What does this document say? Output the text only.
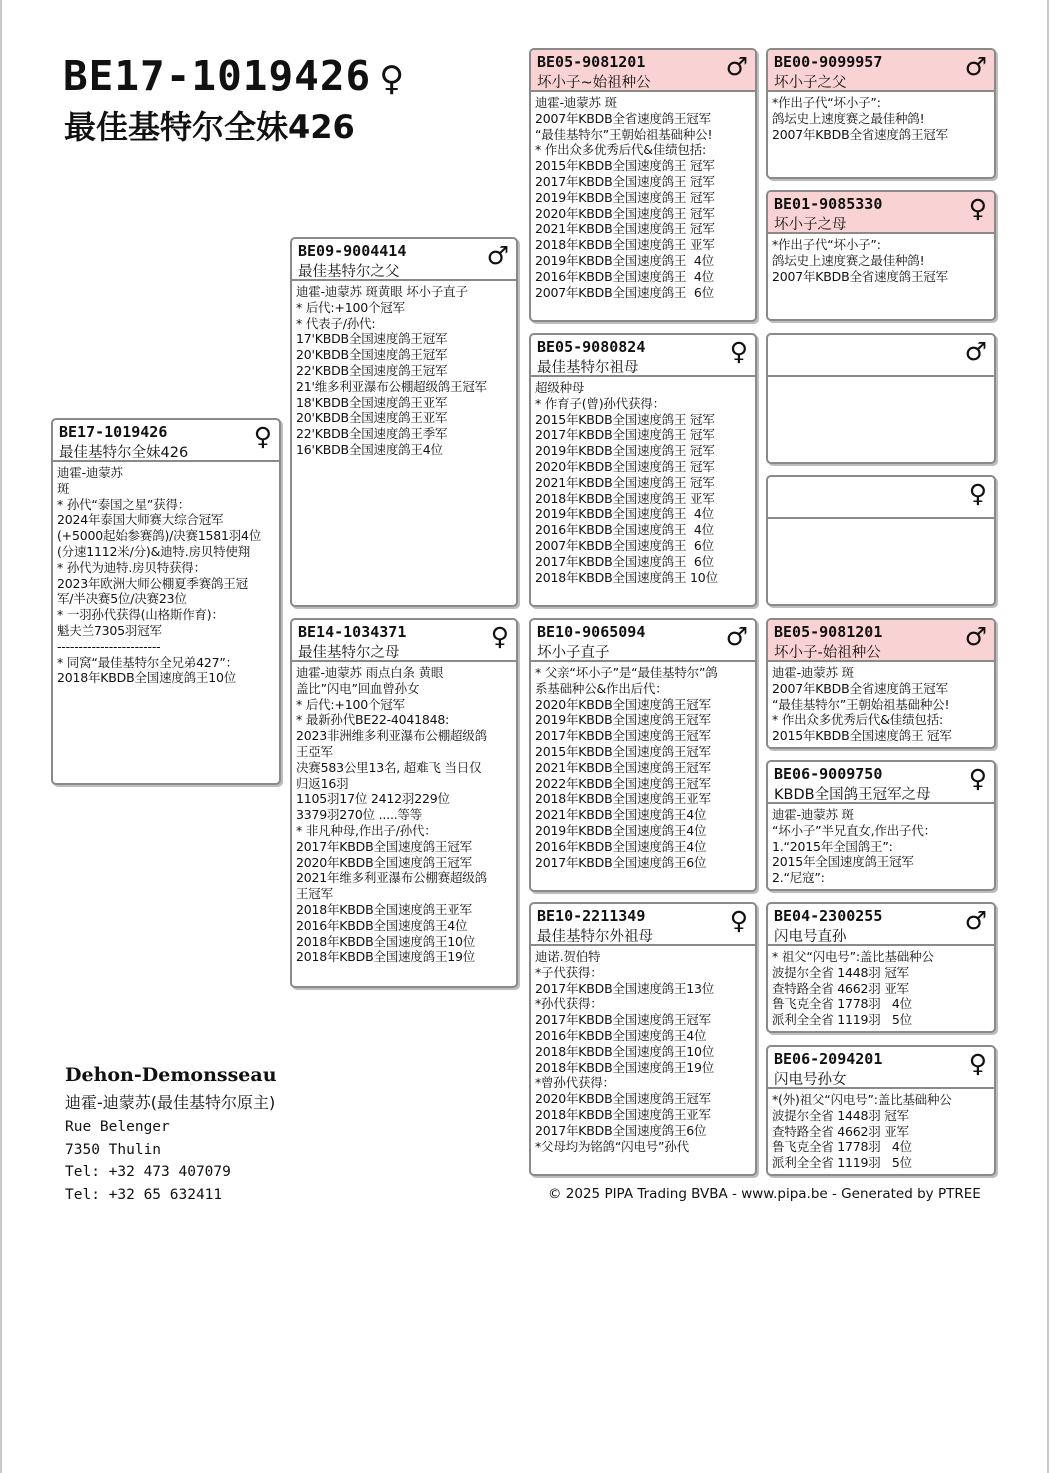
BE17-1019426 ♀
最佳基特尔全妹426
BE17-1019426
最佳基特尔全妹426
♀
迪霍-迪蒙苏
斑
* 孙代“泰国之星”获得：
2024年泰国大师赛大综合冠军
(+5000起始参赛鸽)/决赛1581羽4位
(分速1112米/分)&迪特.房贝特使翔
* 孙代为迪特.房贝特获得：
2023年欧洲大师公棚夏季赛鸽王冠
军/半决赛5位/决赛23位
* 一羽孙代获得(山格斯作育)：
魁夫兰7305羽冠军
------------------------
* 同窝“最佳基特尔全兄弟427”：
2018年KBDB全国速度鸽王10位
BE09-9004414
最佳基特尔之父
♂
迪霍-迪蒙苏 斑黄眼 坏小子直子
* 后代:+100个冠军
* 代表子/孙代:
17'KBDB全国速度鸽王冠军
20'KBDB全国速度鸽王冠军
22'KBDB全国速度鸽王冠军
21'维多利亚瀑布公棚超级鸽王冠军
18'KBDB全国速度鸽王亚军
20'KBDB全国速度鸽王亚军
22'KBDB全国速度鸽王季军
16'KBDB全国速度鸽王4位
BE14-1034371
最佳基特尔之母
♀
迪霍-迪蒙苏 雨点白条 黄眼
盖比”闪电”回血曾孙女
* 后代:+100个冠军
* 最新孙代BE22-4041848:
2023非洲维多利亚瀑布公棚超级鸽
王亞军
决赛583公里13名, 超难飞 当日仅
归返16羽
1105羽17位 2412羽229位
3379羽270位 .....等等
* 非凡种母,作出子/孙代：
2017年KBDB全国速度鸽王冠军
2020年KBDB全国速度鸽王冠军
2021年维多利亚瀑布公棚赛超级鸽
王冠军
2018年KBDB全国速度鸽王亚军
2016年KBDB全国速度鸽王4位
2018年KBDB全国速度鸽王10位
2018年KBDB全国速度鸽王19位
BE05-9081201
坏小子~始祖种公
♂
迪霍-迪蒙苏 斑
2007年KBDB全省速度鸽王冠军
“最佳基特尔”王朝始祖基础种公!
* 作出众多优秀后代&佳绩包括:
2015年KBDB全国速度鸽王 冠军
2017年KBDB全国速度鸽王 冠军
2019年KBDB全国速度鸽王 冠军
2020年KBDB全国速度鸽王 冠军
2021年KBDB全国速度鸽王 冠军
2018年KBDB全国速度鸽王 亚军
2019年KBDB全国速度鸽王  4位
2016年KBDB全国速度鸽王  4位
2007年KBDB全国速度鸽王  6位
BE05-9080824
最佳基特尔祖母
♀
超级种母
* 作育子(曾)孙代获得：
2015年KBDB全国速度鸽王 冠军
2017年KBDB全国速度鸽王 冠军
2019年KBDB全国速度鸽王 冠军
2020年KBDB全国速度鸽王 冠军
2021年KBDB全国速度鸽王 冠军
2018年KBDB全国速度鸽王 亚军
2019年KBDB全国速度鸽王  4位
2016年KBDB全国速度鸽王  4位
2007年KBDB全国速度鸽王  6位
2017年KBDB全国速度鸽王  6位
2018年KBDB全国速度鸽王 10位
BE10-9065094
坏小子直子
♂
* 父亲“坏小子”是“最佳基特尔”鸽
系基础种公&作出后代：
2020年KBDB全国速度鸽王冠军
2019年KBDB全国速度鸽王冠军
2017年KBDB全国速度鸽王冠军
2015年KBDB全国速度鸽王冠军
2021年KBDB全国速度鸽王冠军
2022年KBDB全国速度鸽王冠军
2018年KBDB全国速度鸽王亚军
2021年KBDB全国速度鸽王4位
2019年KBDB全国速度鸽王4位
2016年KBDB全国速度鸽王4位
2017年KBDB全国速度鸽王6位
BE10-2211349
最佳基特尔外祖母
♀
迪诺.贺伯特
*子代获得：
2017年KBDB全国速度鸽王13位
*孙代获得：
2017年KBDB全国速度鸽王冠军
2016年KBDB全国速度鸽王4位
2018年KBDB全国速度鸽王10位
2018年KBDB全国速度鸽王19位
*曾孙代获得：
2020年KBDB全国速度鸽王冠军
2018年KBDB全国速度鸽王亚军
2017年KBDB全国速度鸽王6位
*父母均为铭鸽“闪电号”孙代
BE00-9099957
坏小子之父
♂
*作出子代“坏小子”:
鸽坛史上速度赛之最佳种鸽!
2007年KBDB全省速度鸽王冠军
BE01-9085330
坏小子之母
♀
*作出子代“坏小子”:
鸽坛史上速度赛之最佳种鸽!
2007年KBDB全省速度鸽王冠军
♂
♀
BE05-9081201
坏小子-始祖种公
♂
迪霍-迪蒙苏 斑
2007年KBDB全省速度鸽王冠军
“最佳基特尔”王朝始祖基础种公!
* 作出众多优秀后代&佳绩包括:
2015年KBDB全国速度鸽王 冠军
BE06-9009750
KBDB全国鸽王冠军之母
♀
迪霍-迪蒙苏 斑
“坏小子”半兄直女,作出子代：
1.“2015年全国鸽王”:
2015年全国速度鸽王冠军
2.“尼寇”:
BE04-2300255
闪电号直孙
♂
* 祖父“闪电号”:盖比基础种公
波提尔全省 1448羽 冠军
查特路全省 4662羽 亚军
鲁飞克全省 1778羽   4位
派利全全省 1119羽   5位
BE06-2094201
闪电号孙女
♀
*(外)祖父“闪电号”:盖比基础种公
波提尔全省 1448羽 冠军
查特路全省 4662羽 亚军
鲁飞克全省 1778羽   4位
派利全全省 1119羽   5位
Dehon-Demonsseau
迪霍-迪蒙苏(最佳基特尔原主)
Rue Belenger
7350 Thulin
Tel: +32 473 407079
Tel: +32 65 632411	© 2025 PIPA Trading BVBA - www.pipa.be - Generated by PTREE
